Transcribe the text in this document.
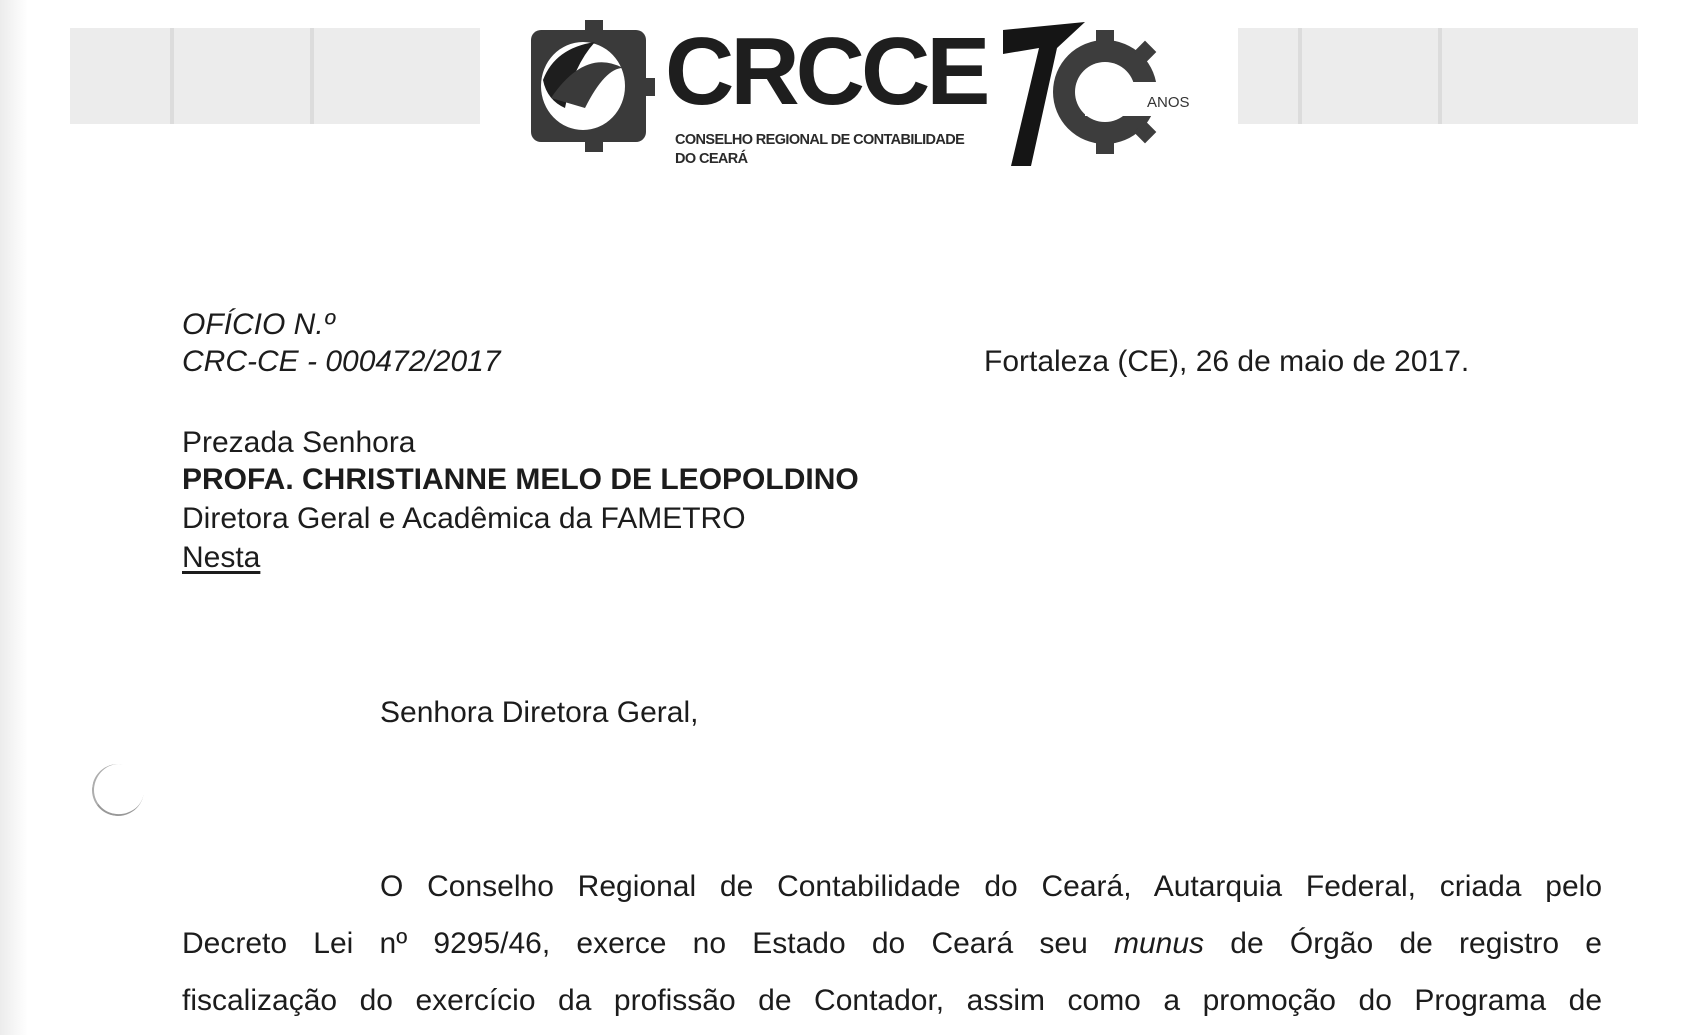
CRCCE
CONSELHO REGIONAL DE CONTABILIDADE
DO CEARÁ
ANOS
OFÍCIO N.º
CRC-CE - 000472/2017	Fortaleza (CE), 26 de maio de 2017.
Prezada Senhora
PROFA. CHRISTIANNE MELO DE LEOPOLDINO
Diretora Geral e Acadêmica da FAMETRO
Nesta
Senhora Diretora Geral,
O Conselho Regional de Contabilidade do Ceará, Autarquia Federal, criada pelo
Decreto Lei nº 9295/46, exerce no Estado do Ceará seu munus de Órgão de registro e
fiscalização do exercício da profissão de Contador, assim como a promoção do Programa de
